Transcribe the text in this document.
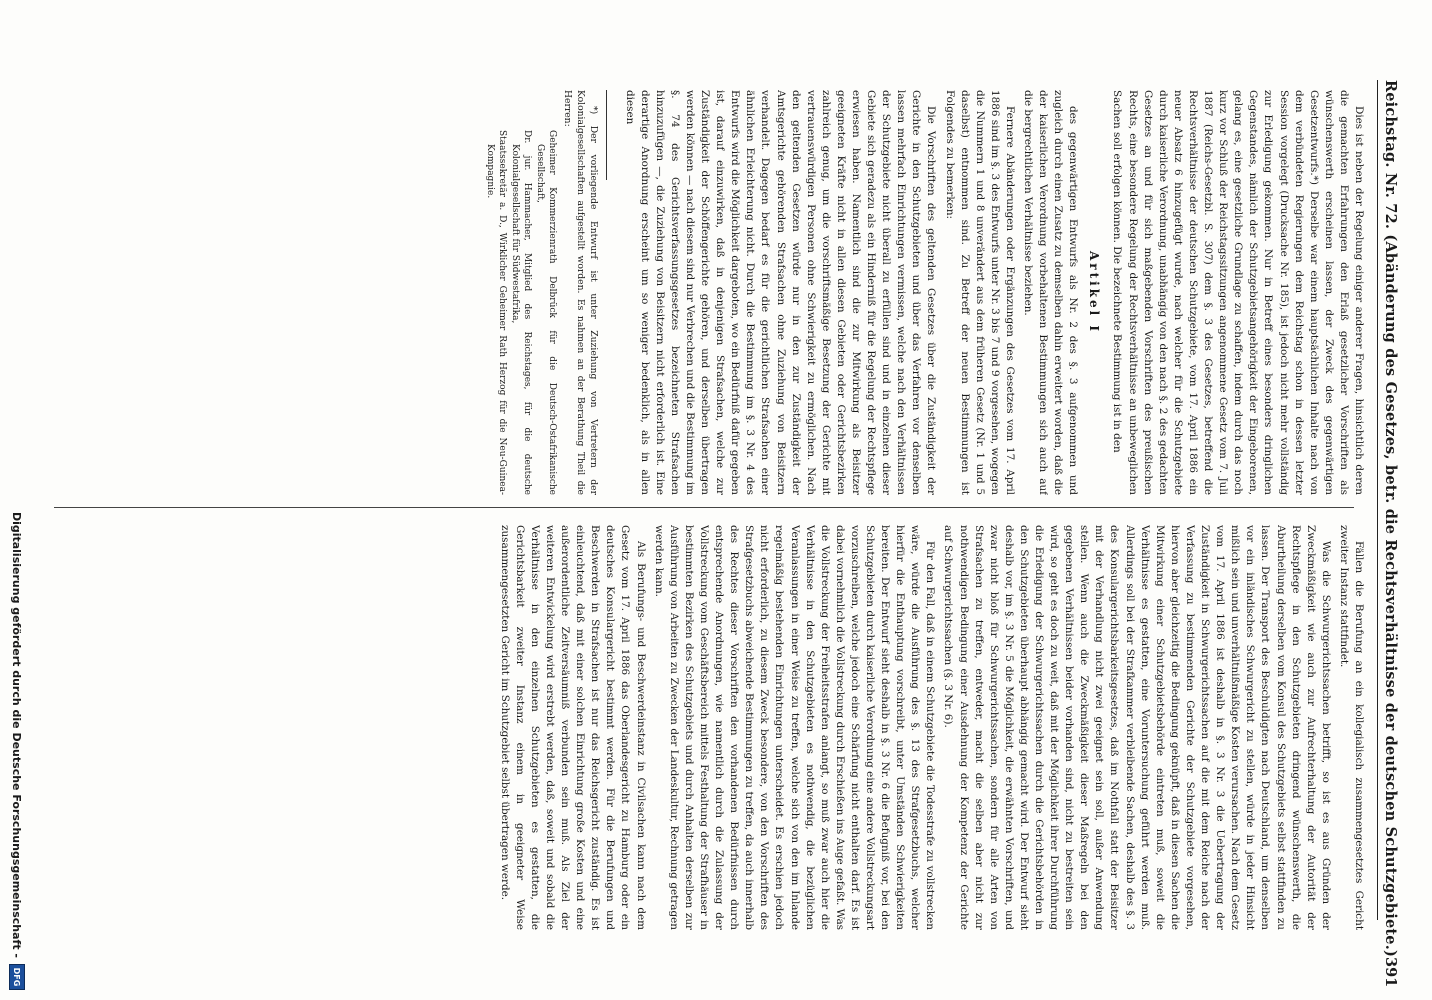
Reichstag. Nr. 72. (Abänderung des Gesetzes, betr. die Rechtsverhältnisse der deutschen Schutzgebiete.)
391

Dies ist neben der Regelung einiger anderer Fragen, hinsichtlich deren die gemachten Erfahrungen den Erlaß gesetzlicher Vorschriften als wünschenswerth erscheinen lassen, der Zweck des gegenwärtigen Gesetzentwurfs.*) Derselbe war einem hauptsächlichen Inhalte nach von dem verbündeten Regierungen dem Reichstag schon in dessen letzter Session vorgelegt (Drucksache Nr. 185), ist jedoch nicht mehr vollständig zur Erledigung gekommen. Nur in Betreff eines besonders dringlichen Gegenstandes, nämlich der Schutzgebietsangehörigkeit der Eingeborenen, gelang es, eine gesetzliche Grundlage zu schaffen, indem durch das noch kurz vor Schluß der Reichstagssitzungen angenommene Gesetz vom 7. Juli 1887 (Reichs-Gesetzbl. S. 307) dem §. 3 des Gesetzes, betreffend die Rechtsverhältnisse der deutschen Schutzgebiete, vom 17. April 1886 ein neuer Absatz 6 hinzugefügt wurde, nach welcher für die Schutzgebiete durch kaiserliche Verordnung, unabhängig von den nach §. 2 des gedachten Gesetzes an und für sich maßgebenden Vorschriften des preußischen Rechts, eine besondere Regelung der Rechtsverhältnisse an unbeweglichen Sachen soll erfolgen können. Die bezeichnete Bestimmung ist in den

Artikel I

des gegenwärtigen Entwurfs als Nr. 2 des §. 3 aufgenommen und zugleich durch einen Zusatz zu demselben dahin erweitert worden, daß die der kaiserlichen Verordnung vorbehaltenen Bestimmungen sich auch auf die bergrechtlichen Verhältnisse beziehen.

Fernere Abänderungen oder Ergänzungen des Gesetzes vom 17. April 1886 sind im §. 3 des Entwurfs unter Nr. 3 bis 7 und 9 vorgesehen, wogegen die Nummern 1 und 8 unverändert aus dem früheren Gesetz (Nr. 1 und 5 daselbst) entnommen sind. Zu Betreff der neuen Bestimmungen ist Folgendes zu bemerken:

Die Vorschriften des geltenden Gesetzes über die Zuständigkeit der Gerichte in den Schutzgebieten und über das Verfahren vor denselben lassen mehrfach Einrichtungen vermissen, welche nach den Verhältnissen der Schutzgebiete nicht überall zu erfüllen sind und in einzelnen dieser Gebiete sich geradezu als ein Hinderniß für die Regelung der Rechtspflege erwiesen haben. Namentlich sind die zur Mitwirkung als Beisitzer geeigneten Kräfte nicht in allen diesen Gebieten oder Gerichtsbezirken zahlreich genug, um die vorschriftsmäßige Besetzung der Gerichte mit vertrauenswürdigen Personen ohne Schwierigkeit zu ermöglichen. Nach den geltenden Gesetzen würde nur in den zur Zuständigkeit der Amtsgerichte gehörenden Strafsachen ohne Zuziehung von Beisitzern verhandelt. Dagegen bedarf es für die gerichtlichen Strafsachen einer ähnlichen Erleichterung nicht. Durch die Bestimmung im §. 3 Nr. 4 des Entwurfs wird die Möglichkeit dargeboten, wo ein Bedürfniß dafür gegeben ist, darauf einzuwirken, daß in denjenigen Strafsachen, welche zur Zuständigkeit der Schöffengerichte gehören, und derselben übertragen werden können — nach diesem sind nur Verbrechen und die Bestimmung im §. 74 des Gerichtsverfassungsgesetzes bezeichneten Strafsachen hinzuzufügen —, die Zuziehung von Beisitzern nicht erforderlich ist. Eine derartige Anordnung erscheint um so weniger bedenklich, als in allen diesen

*) Der vorliegende Entwurf ist unter Zuziehung von Vertretern der Kolonialgesellschaften aufgestellt worden. Es nahmen an der Berathung Theil die Herren:

Geheimer Kommerzienrath Delbrück für die Deutsch-Ostafrikanische Gesellschaft,
Dr. jur. Hammacher, Mitglied des Reichstages, für die deutsche Kolonialgesellschaft für Südwestafrika,
Staatssekretär a. D., Wirklicher Geheimer Rath Herzog für die Neu-Guinea-Kompagnie.

Fällen die Berufung an ein kollegialisch zusammengesetztes Gericht zweiter Instanz stattfindet.

Was die Schwurgerichtssachen betrifft, so ist es aus Gründen der Zweckmäßigkeit wie auch zur Aufrechterhaltung der Autorität der Rechtspflege in den Schutzgebieten dringend wünschenswerth, die Aburtheilung derselben vom Konsul des Schutzgebiets selbst stattfinden zu lassen. Der Transport des Beschuldigten nach Deutschland, um denselben vor ein inländisches Schwurgericht zu stellen, würde in jeder Hinsicht mißlich sein und unverhältnißmäßige Kosten verursachen. Nach dem Gesetz vom 17. April 1886 ist deshalb in §. 3 Nr. 3 die Uebertragung der Zuständigkeit in Schwurgerichtssachen auf die mit dem Reiche nach der Verfassung zu bestimmenden Gerichte der Schutzgebiete vorgesehen, hiervon aber gleichzeitig die Bedingung geknüpft, daß in diesen Sachen die Mitwirkung einer Schutzgebietsbehörde eintreten muß, soweit die Verhältnisse es gestatten, eine Voruntersuchung geführt werden muß. Allerdings soll bei der Strafkammer verbleibende Sachen, deshalb des §. 3 des Konsulargerichtsbarkeitsgesetzes, daß im Nothfall statt der Beisitzer mit der Verhandlung nicht zwei geeignet sein soll, außer Anwendung stellen. Wenn auch die Zweckmäßigkeit dieser Maßregeln bei den gegebenen Verhältnissen beider vorhanden sind, nicht zu bestreiten sein wird, so geht es doch zu weit, daß mit der Möglichkeit ihrer Durchführung die Erledigung der Schwurgerichtssachen durch die Gerichtsbehörden in den Schutzgebieten überhaupt abhängig gemacht wird. Der Entwurf sieht deshalb vor, im §. 3 Nr. 5 die Möglichkeit, die erwähnten Vorschriften, und zwar nicht bloß für Schwurgerichtssachen, sondern für alle Arten von Strafsachen zu treffen, entweder, macht die selben aber nicht zur nothwendigen Bedingung einer Ausdehnung der Kompetenz der Gerichte auf Schwurgerichtssachen (§. 3 Nr. 6).

Für den Fall, daß in einem Schutzgebiete die Todesstrafe zu vollstrecken wäre, würde die Ausführung des §. 13 des Strafgesetzbuchs, welcher hierfür die Enthauptung vorschreibt, unter Umständen Schwierigkeiten bereiten. Der Entwurf sieht deshalb in §. 3 Nr. 6 die Befugniß vor, bei den Schutzgebieten durch kaiserliche Verordnung eine andere Vollstreckungsart vorzuschreiben, welche jedoch eine Schärfung nicht enthalten darf. Es ist dabei vornehmlich die Vollstreckung durch Erschießen ins Auge gefaßt. Was die Vollstreckung der Freiheitsstrafen anlangt, so muß zwar auch hier die Verhältnisse in den Schutzgebieten es nothwendig, die bezüglichen Veranlassungen in einer Weise zu treffen, welche sich von den im Inlande regelmäßig bestehenden Einrichtungen unterscheidet. Es erschien jedoch nicht erforderlich, zu diesem Zweck besondere, von den Vorschriften des Strafgesetzbuchs abweichende Bestimmungen zu treffen, da auch innerhalb des Rechtes dieser Vorschriften den vorhandenen Bedürfnissen durch entsprechende Anordnungen, wie namentlich durch die Zulassung der Vollstreckung vom Geschäftsbereich mittels Festhaltung der Strafhäuser in bestimmten Bezirken des Schutzgebiets und durch Anhalten derselben zur Ausführung von Arbeiten zu Zwecken der Landeskultur, Rechnung getragen werden kann.

Als Berufungs- und Beschwerdeinstanz in Civilsachen kann nach dem Gesetz vom 17. April 1886 das Oberlandesgericht zu Hamburg oder ein deutsches Konsulargericht bestimmt werden. Für die Berufungen und Beschwerden in Strafsachen ist nur das Reichsgericht zuständig. Es ist einleuchtend, daß mit einer solchen Einrichtung große Kosten und eine außerordentliche Zeitversäumniß verbunden sein muß. Als Ziel der weiteren Entwickelung wird erstrebt werden, daß, soweit und sobald die Verhältnisse in den einzelnen Schutzgebieten es gestatten, die Gerichtsbarkeit zweiter Instanz einem in geeigneter Weise zusammengesetzten Gericht im Schutzgebiet selbst übertragen werde.

Digitalisierung gefördert durch die Deutsche Forschungsgemeinschaft -
DFG
